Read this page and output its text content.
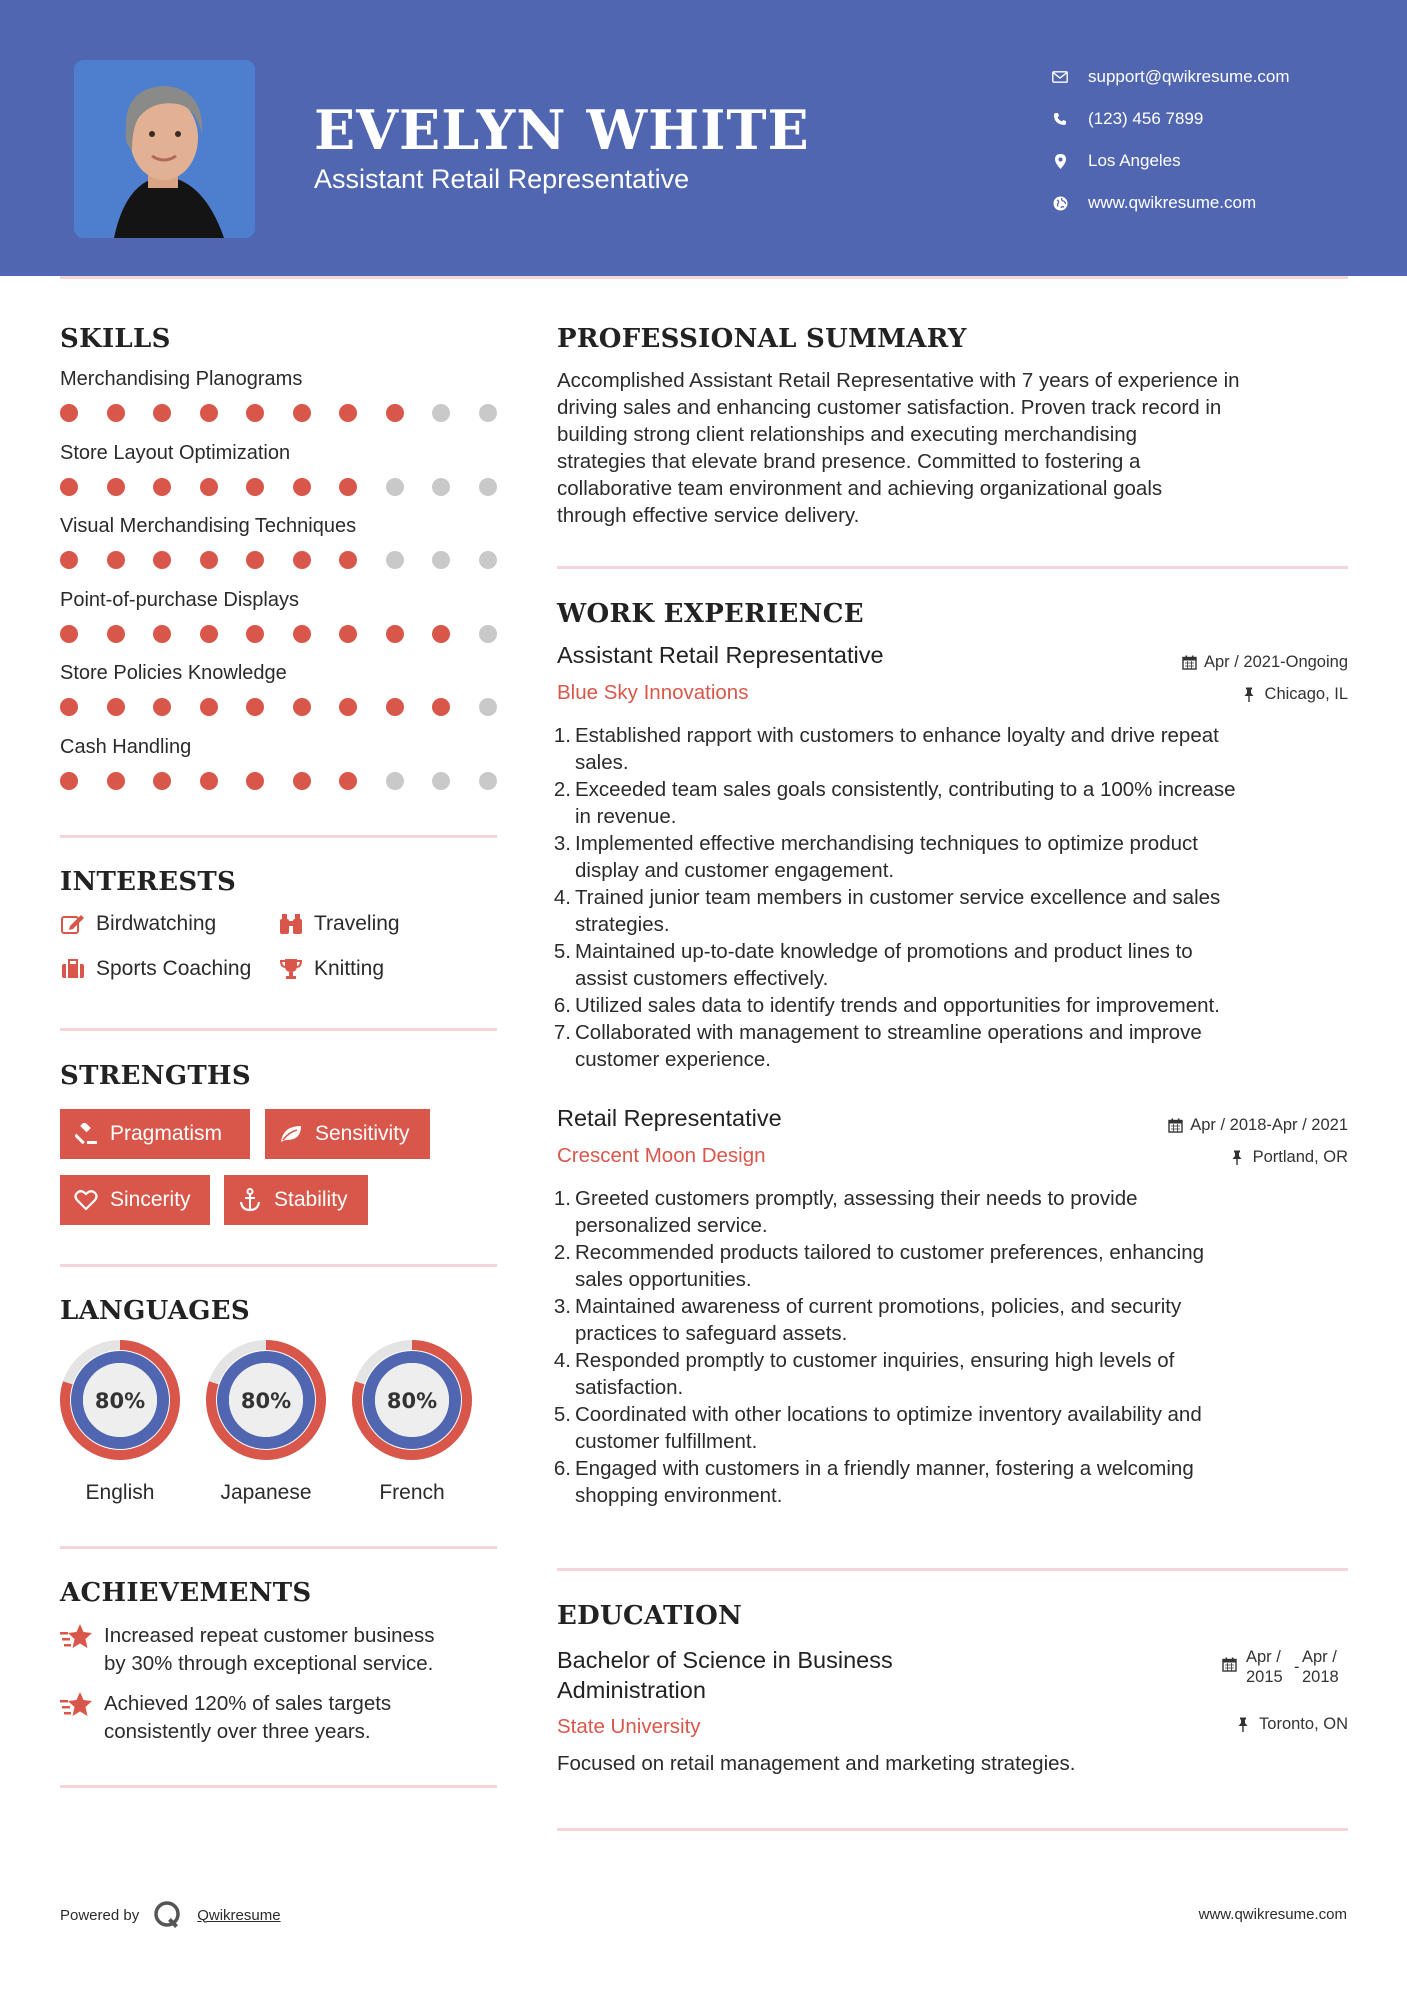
EVELYN WHITE
Assistant Retail Representative
support@qwikresume.com
(123) 456 7899
Los Angeles
www.qwikresume.com
SKILLS
Merchandising Planograms
Store Layout Optimization
Visual Merchandising Techniques
Point-of-purchase Displays
Store Policies Knowledge
Cash Handling
INTERESTS
Birdwatching	Traveling
Sports Coaching	Knitting
STRENGTHS
Pragmatism	Sensitivity
Sincerity	Stability
LANGUAGES
80%
English
80%
Japanese
80%
French
ACHIEVEMENTS
Increased repeat customer business
by 30% through exceptional service.
Achieved 120% of sales targets
consistently over three years.
PROFESSIONAL SUMMARY
Accomplished Assistant Retail Representative with 7 years of experience in
driving sales and enhancing customer satisfaction. Proven track record in
building strong client relationships and executing merchandising
strategies that elevate brand presence. Committed to fostering a
collaborative team environment and achieving organizational goals
through effective service delivery.
WORK EXPERIENCE
Assistant Retail Representative
Blue Sky Innovations
Apr / 2021-Ongoing
Chicago, IL
1. Established rapport with customers to enhance loyalty and drive repeat
sales.
2. Exceeded team sales goals consistently, contributing to a 100% increase
in revenue.
3. Implemented effective merchandising techniques to optimize product
display and customer engagement.
4. Trained junior team members in customer service excellence and sales
strategies.
5. Maintained up-to-date knowledge of promotions and product lines to
assist customers effectively.
6. Utilized sales data to identify trends and opportunities for improvement.
7. Collaborated with management to streamline operations and improve
customer experience.
Retail Representative
Crescent Moon Design
Apr / 2018-Apr / 2021
Portland, OR
1. Greeted customers promptly, assessing their needs to provide
personalized service.
2. Recommended products tailored to customer preferences, enhancing
sales opportunities.
3. Maintained awareness of current promotions, policies, and security
practices to safeguard assets.
4. Responded promptly to customer inquiries, ensuring high levels of
satisfaction.
5. Coordinated with other locations to optimize inventory availability and
customer fulfillment.
6. Engaged with customers in a friendly manner, fostering a welcoming
shopping environment.
EDUCATION
Bachelor of Science in Business
Administration
State University
Apr /
2015
-
Apr /
2018
Toronto, ON
Focused on retail management and marketing strategies.
Powered by	Qwikresume	www.qwikresume.com
